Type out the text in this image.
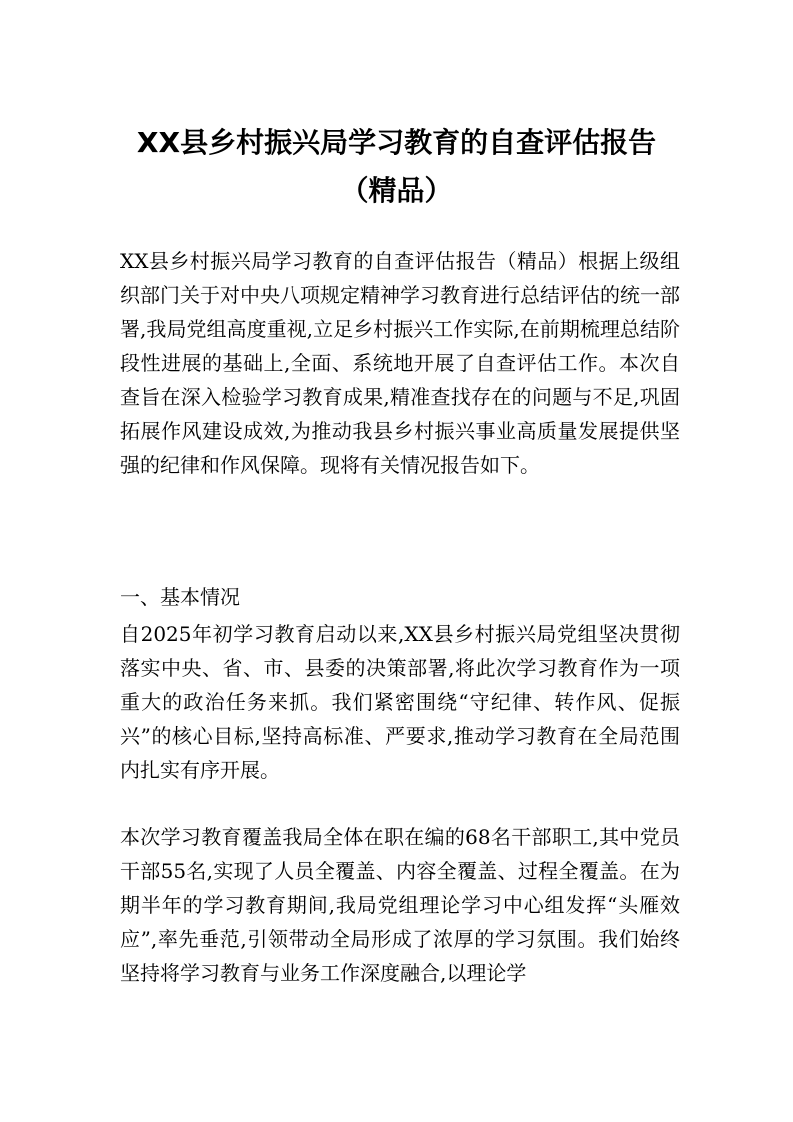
XX县乡村振兴局学习教育的自查评估报告
（精品）

XX县乡村振兴局学习教育的自查评估报告（精品）根据上级组织部门关于对中央八项规定精神学习教育进行总结评估的统一部署,我局党组高度重视,立足乡村振兴工作实际,在前期梳理总结阶段性进展的基础上,全面、系统地开展了自查评估工作。本次自查旨在深入检验学习教育成果,精准查找存在的问题与不足,巩固拓展作风建设成效,为推动我县乡村振兴事业高质量发展提供坚强的纪律和作风保障。现将有关情况报告如下。

一、基本情况

自2025年初学习教育启动以来,XX县乡村振兴局党组坚决贯彻落实中央、省、市、县委的决策部署,将此次学习教育作为一项重大的政治任务来抓。我们紧密围绕“守纪律、转作风、促振兴”的核心目标,坚持高标准、严要求,推动学习教育在全局范围内扎实有序开展。

本次学习教育覆盖我局全体在职在编的68名干部职工,其中党员干部55名,实现了人员全覆盖、内容全覆盖、过程全覆盖。在为期半年的学习教育期间,我局党组理论学习中心组发挥“头雁效应”,率先垂范,引领带动全局形成了浓厚的学习氛围。我们始终坚持将学习教育与业务工作深度融合,以理论学
